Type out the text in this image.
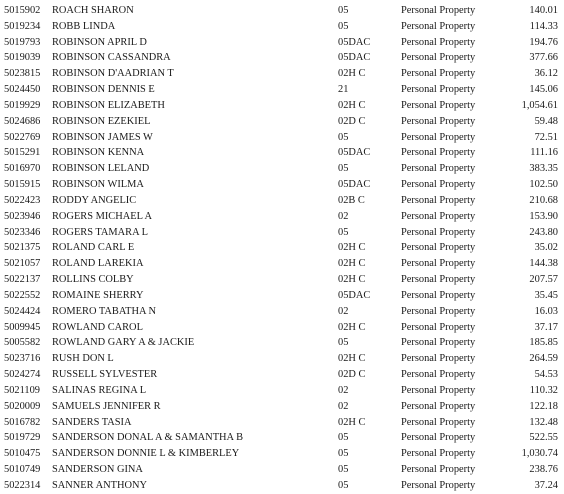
5015902 ROACH SHARON	05	Personal Property	140.01
5019234 ROBB LINDA	05	Personal Property	114.33
5019793 ROBINSON APRIL D	05DAC	Personal Property	194.76
5019039 ROBINSON CASSANDRA	05DAC	Personal Property	377.66
5023815 ROBINSON D'AADRIAN T	02H C	Personal Property	36.12
5024450 ROBINSON DENNIS E	21	Personal Property	145.06
5019929 ROBINSON ELIZABETH	02H C	Personal Property	1,054.61
5024686 ROBINSON EZEKIEL	02D C	Personal Property	59.48
5022769 ROBINSON JAMES W	05	Personal Property	72.51
5015291 ROBINSON KENNA	05DAC	Personal Property	111.16
5016970 ROBINSON LELAND	05	Personal Property	383.35
5015915 ROBINSON WILMA	05DAC	Personal Property	102.50
5022423 RODDY ANGELIC	02B C	Personal Property	210.68
5023946 ROGERS MICHAEL A	02	Personal Property	153.90
5023346 ROGERS TAMARA L	05	Personal Property	243.80
5021375 ROLAND CARL E	02H C	Personal Property	35.02
5021057 ROLAND LAREKIA	02H C	Personal Property	144.38
5022137 ROLLINS COLBY	02H C	Personal Property	207.57
5022552 ROMAINE SHERRY	05DAC	Personal Property	35.45
5024424 ROMERO TABATHA N	02	Personal Property	16.03
5009945 ROWLAND CAROL	02H C	Personal Property	37.17
5005582 ROWLAND GARY A & JACKIE	05	Personal Property	185.85
5023716 RUSH DON L	02H C	Personal Property	264.59
5024274 RUSSELL SYLVESTER	02D C	Personal Property	54.53
5021109 SALINAS REGINA L	02	Personal Property	110.32
5020009 SAMUELS JENNIFER R	02	Personal Property	122.18
5016782 SANDERS TASIA	02H C	Personal Property	132.48
5019729 SANDERSON DONAL A & SAMANTHA B	05	Personal Property	522.55
5010475 SANDERSON DONNIE L & KIMBERLEY	05	Personal Property	1,030.74
5010749 SANDERSON GINA	05	Personal Property	238.76
5022314 SANNER ANTHONY	05	Personal Property	37.24
